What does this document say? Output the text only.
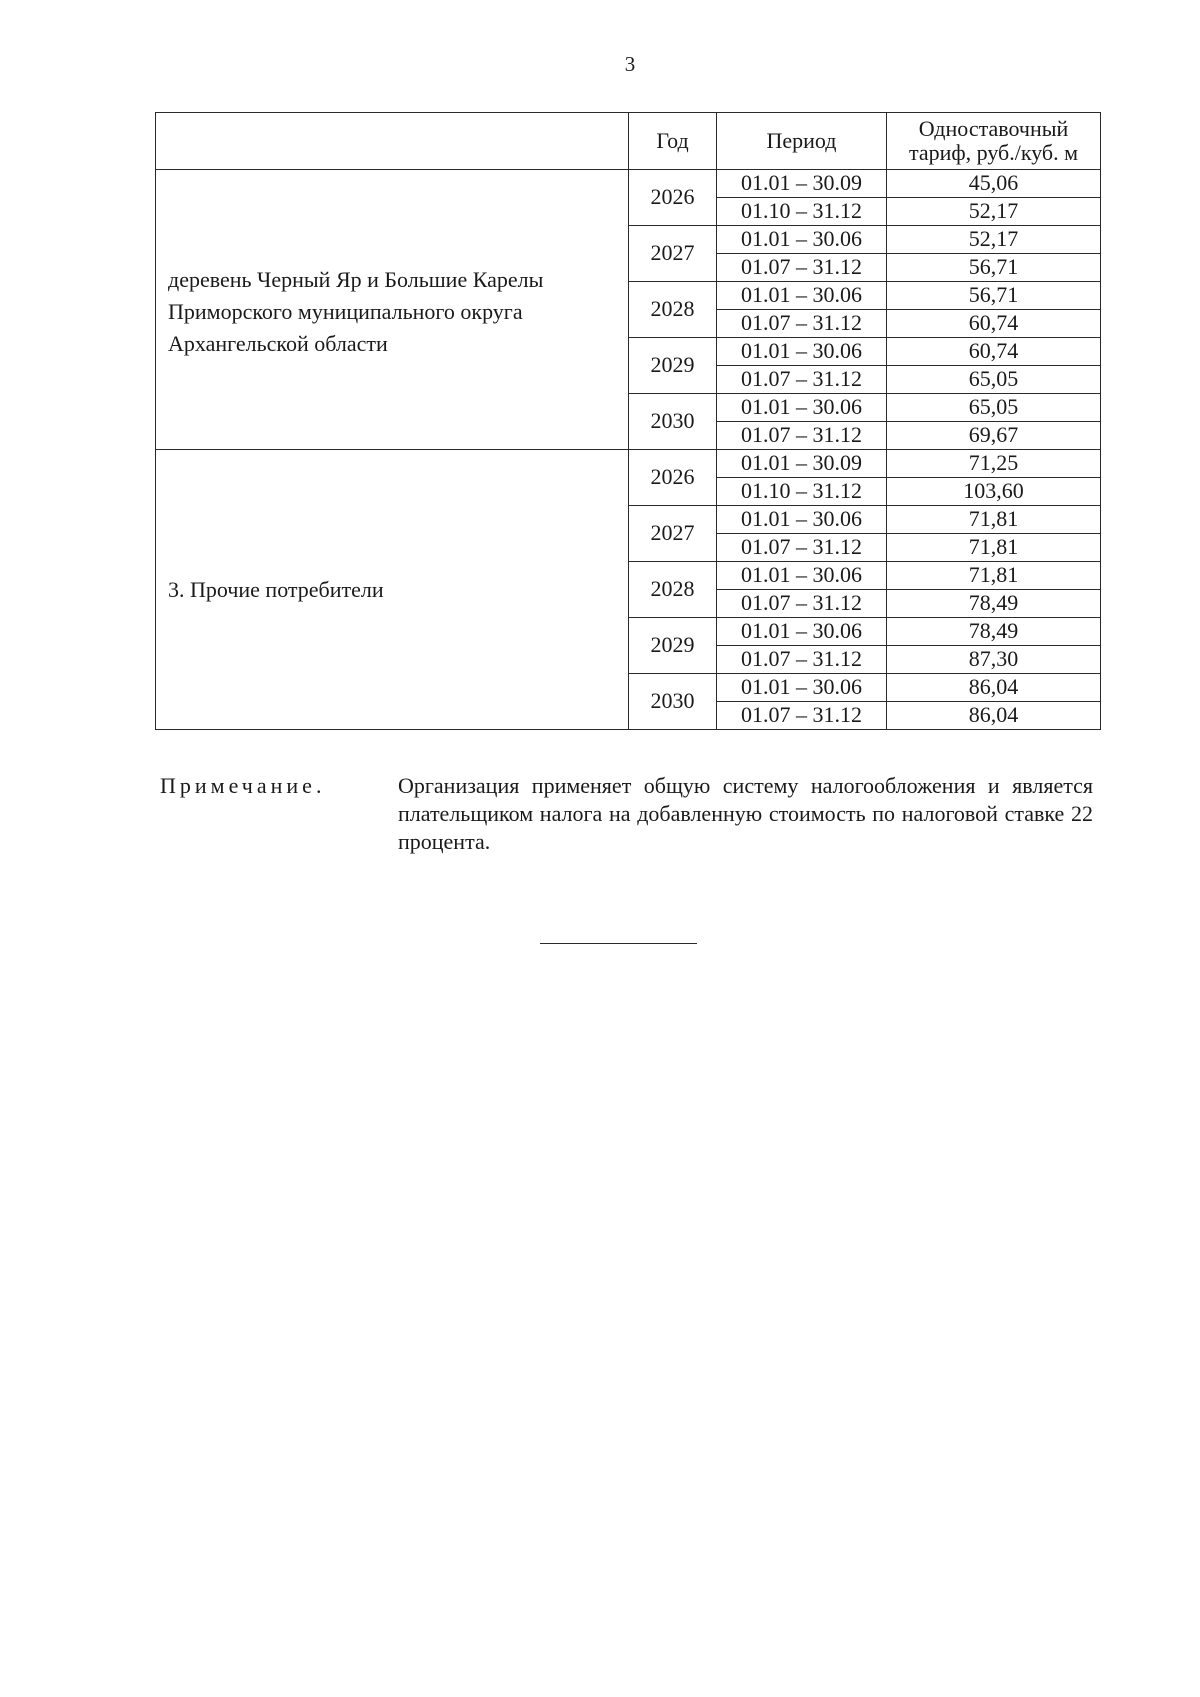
3
	Год	Период	Одноставочный тариф, руб./куб. м
деревень Черный Яр и Большие Карелы Приморского муниципального округа Архангельской области	2026	01.01 – 30.09	45,06
		01.10 – 31.12	52,17
	2027	01.01 – 30.06	52,17
		01.07 – 31.12	56,71
	2028	01.01 – 30.06	56,71
		01.07 – 31.12	60,74
	2029	01.01 – 30.06	60,74
		01.07 – 31.12	65,05
	2030	01.01 – 30.06	65,05
		01.07 – 31.12	69,67
3. Прочие потребители	2026	01.01 – 30.09	71,25
		01.10 – 31.12	103,60
	2027	01.01 – 30.06	71,81
		01.07 – 31.12	71,81
	2028	01.01 – 30.06	71,81
		01.07 – 31.12	78,49
	2029	01.01 – 30.06	78,49
		01.07 – 31.12	87,30
	2030	01.01 – 30.06	86,04
		01.07 – 31.12	86,04
Примечание.	Организация применяет общую систему налогообложения и является плательщиком налога на добавленную стоимость по налоговой ставке 22 процента.
